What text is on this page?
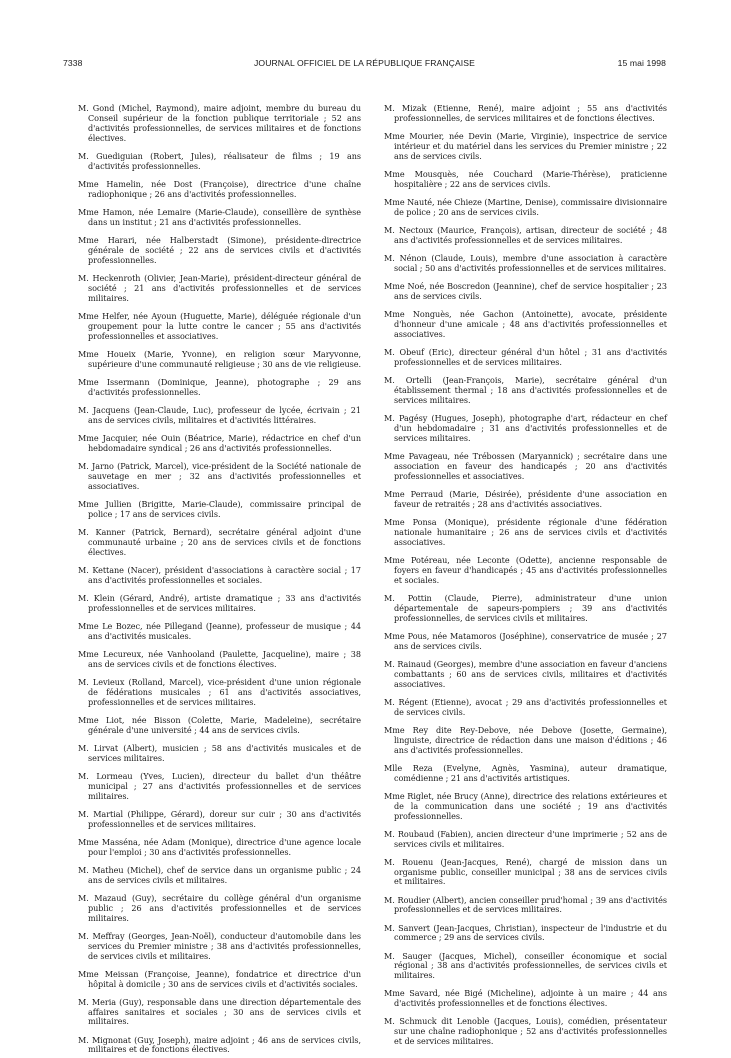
7338	JOURNAL OFFICIEL DE LA RÉPUBLIQUE FRANÇAISE	15 mai 1998

M. Gond (Michel, Raymond), maire adjoint, membre du bureau du Conseil supérieur de la fonction publique territoriale ; 52 ans d'activités professionnelles, de services militaires et de fonctions électives.

M. Guediguian (Robert, Jules), réalisateur de films ; 19 ans d'activités professionnelles.

Mme Hamelin, née Dost (Françoise), directrice d'une chaîne radiophonique ; 26 ans d'activités professionnelles.

Mme Hamon, née Lemaire (Marie-Claude), conseillère de synthèse dans un institut ; 21 ans d'activités professionnelles.

Mme Harari, née Halberstadt (Simone), présidente-directrice générale de société ; 22 ans de services civils et d'activités professionnelles.

M. Heckenroth (Olivier, Jean-Marie), président-directeur général de société ; 21 ans d'activités professionnelles et de services militaires.

Mme Helfer, née Ayoun (Huguette, Marie), déléguée régionale d'un groupement pour la lutte contre le cancer ; 55 ans d'activités professionnelles et associatives.

Mme Houeix (Marie, Yvonne), en religion sœur Maryvonne, supérieure d'une communauté religieuse ; 30 ans de vie religieuse.

Mme Issermann (Dominique, Jeanne), photographe ; 29 ans d'activités professionnelles.

M. Jacquens (Jean-Claude, Luc), professeur de lycée, écrivain ; 21 ans de services civils, militaires et d'activités littéraires.

Mme Jacquier, née Ouin (Béatrice, Marie), rédactrice en chef d'un hebdomadaire syndical ; 26 ans d'activités professionnelles.

M. Jarno (Patrick, Marcel), vice-président de la Société nationale de sauvetage en mer ; 32 ans d'activités professionnelles et associatives.

Mme Jullien (Brigitte, Marie-Claude), commissaire principal de police ; 17 ans de services civils.

M. Kanner (Patrick, Bernard), secrétaire général adjoint d'une communauté urbaine ; 20 ans de services civils et de fonctions électives.

M. Kettane (Nacer), président d'associations à caractère social ; 17 ans d'activités professionnelles et sociales.

M. Klein (Gérard, André), artiste dramatique ; 33 ans d'activités professionnelles et de services militaires.

Mme Le Bozec, née Pillegand (Jeanne), professeur de musique ; 44 ans d'activités musicales.

Mme Lecureux, née Vanhooland (Paulette, Jacqueline), maire ; 38 ans de services civils et de fonctions électives.

M. Levieux (Rolland, Marcel), vice-président d'une union régionale de fédérations musicales ; 61 ans d'activités associatives, professionnelles et de services militaires.

Mme Liot, née Bisson (Colette, Marie, Madeleine), secrétaire générale d'une université ; 44 ans de services civils.

M. Lirvat (Albert), musicien ; 58 ans d'activités musicales et de services militaires.

M. Lormeau (Yves, Lucien), directeur du ballet d'un théâtre municipal ; 27 ans d'activités professionnelles et de services militaires.

M. Martial (Philippe, Gérard), doreur sur cuir ; 30 ans d'activités professionnelles et de services militaires.

Mme Masséna, née Adam (Monique), directrice d'une agence locale pour l'emploi ; 30 ans d'activités professionnelles.

M. Matheu (Michel), chef de service dans un organisme public ; 24 ans de services civils et militaires.

M. Mazaud (Guy), secrétaire du collège général d'un organisme public ; 26 ans d'activités professionnelles et de services militaires.

M. Meffray (Georges, Jean-Noël), conducteur d'automobile dans les services du Premier ministre ; 38 ans d'activités professionnelles, de services civils et militaires.

Mme Meissan (Françoise, Jeanne), fondatrice et directrice d'un hôpital à domicile ; 30 ans de services civils et d'activités sociales.

M. Meria (Guy), responsable dans une direction départementale des affaires sanitaires et sociales ; 30 ans de services civils et militaires.

M. Mignonat (Guy, Joseph), maire adjoint ; 46 ans de services civils, militaires et de fonctions électives.

M. Mizak (Etienne, René), maire adjoint ; 55 ans d'activités professionnelles, de services militaires et de fonctions électives.

Mme Mourier, née Devin (Marie, Virginie), inspectrice de service intérieur et du matériel dans les services du Premier ministre ; 22 ans de services civils.

Mme Mousquès, née Couchard (Marie-Thérèse), praticienne hospitalière ; 22 ans de services civils.

Mme Nauté, née Chieze (Martine, Denise), commissaire divisionnaire de police ; 20 ans de services civils.

M. Nectoux (Maurice, François), artisan, directeur de société ; 48 ans d'activités professionnelles et de services militaires.

M. Nénon (Claude, Louis), membre d'une association à caractère social ; 50 ans d'activités professionnelles et de services militaires.

Mme Noé, née Boscredon (Jeannine), chef de service hospitalier ; 23 ans de services civils.

Mme Nonguès, née Gachon (Antoinette), avocate, présidente d'honneur d'une amicale ; 48 ans d'activités professionnelles et associatives.

M. Obeuf (Eric), directeur général d'un hôtel ; 31 ans d'activités professionnelles et de services militaires.

M. Ortelli (Jean-François, Marie), secrétaire général d'un établissement thermal ; 18 ans d'activités professionnelles et de services militaires.

M. Pagésy (Hugues, Joseph), photographe d'art, rédacteur en chef d'un hebdomadaire ; 31 ans d'activités professionnelles et de services militaires.

Mme Pavageau, née Trébossen (Maryannick) ; secrétaire dans une association en faveur des handicapés ; 20 ans d'activités professionnelles et associatives.

Mme Perraud (Marie, Désirée), présidente d'une association en faveur de retraités ; 28 ans d'activités associatives.

Mme Ponsa (Monique), présidente régionale d'une fédération nationale humanitaire ; 26 ans de services civils et d'activités associatives.

Mme Potéreau, née Leconte (Odette), ancienne responsable de foyers en faveur d'handicapés ; 45 ans d'activités professionnelles et sociales.

M. Pottin (Claude, Pierre), administrateur d'une union départementale de sapeurs-pompiers ; 39 ans d'activités professionnelles, de services civils et militaires.

Mme Pous, née Matamoros (Joséphine), conservatrice de musée ; 27 ans de services civils.

M. Rainaud (Georges), membre d'une association en faveur d'anciens combattants ; 60 ans de services civils, militaires et d'activités associatives.

M. Régent (Etienne), avocat ; 29 ans d'activités professionnelles et de services civils.

Mme Rey dite Rey-Debove, née Debove (Josette, Germaine), linguiste, directrice de rédaction dans une maison d'éditions ; 46 ans d'activités professionnelles.

Mlle Reza (Evelyne, Agnès, Yasmina), auteur dramatique, comédienne ; 21 ans d'activités artistiques.

Mme Riglet, née Brucy (Anne), directrice des relations extérieures et de la communication dans une société ; 19 ans d'activités professionnelles.

M. Roubaud (Fabien), ancien directeur d'une imprimerie ; 52 ans de services civils et militaires.

M. Rouenu (Jean-Jacques, René), chargé de mission dans un organisme public, conseiller municipal ; 38 ans de services civils et militaires.

M. Roudier (Albert), ancien conseiller prud'homal ; 39 ans d'activités professionnelles et de services militaires.

M. Sanvert (Jean-Jacques, Christian), inspecteur de l'industrie et du commerce ; 29 ans de services civils.

M. Sauger (Jacques, Michel), conseiller économique et social régional ; 38 ans d'activités professionnelles, de services civils et militaires.

Mme Savard, née Bigé (Micheline), adjointe à un maire ; 44 ans d'activités professionnelles et de fonctions électives.

M. Schmuck dit Lenoble (Jacques, Louis), comédien, présentateur sur une chaîne radiophonique ; 52 ans d'activités professionnelles et de services militaires.
